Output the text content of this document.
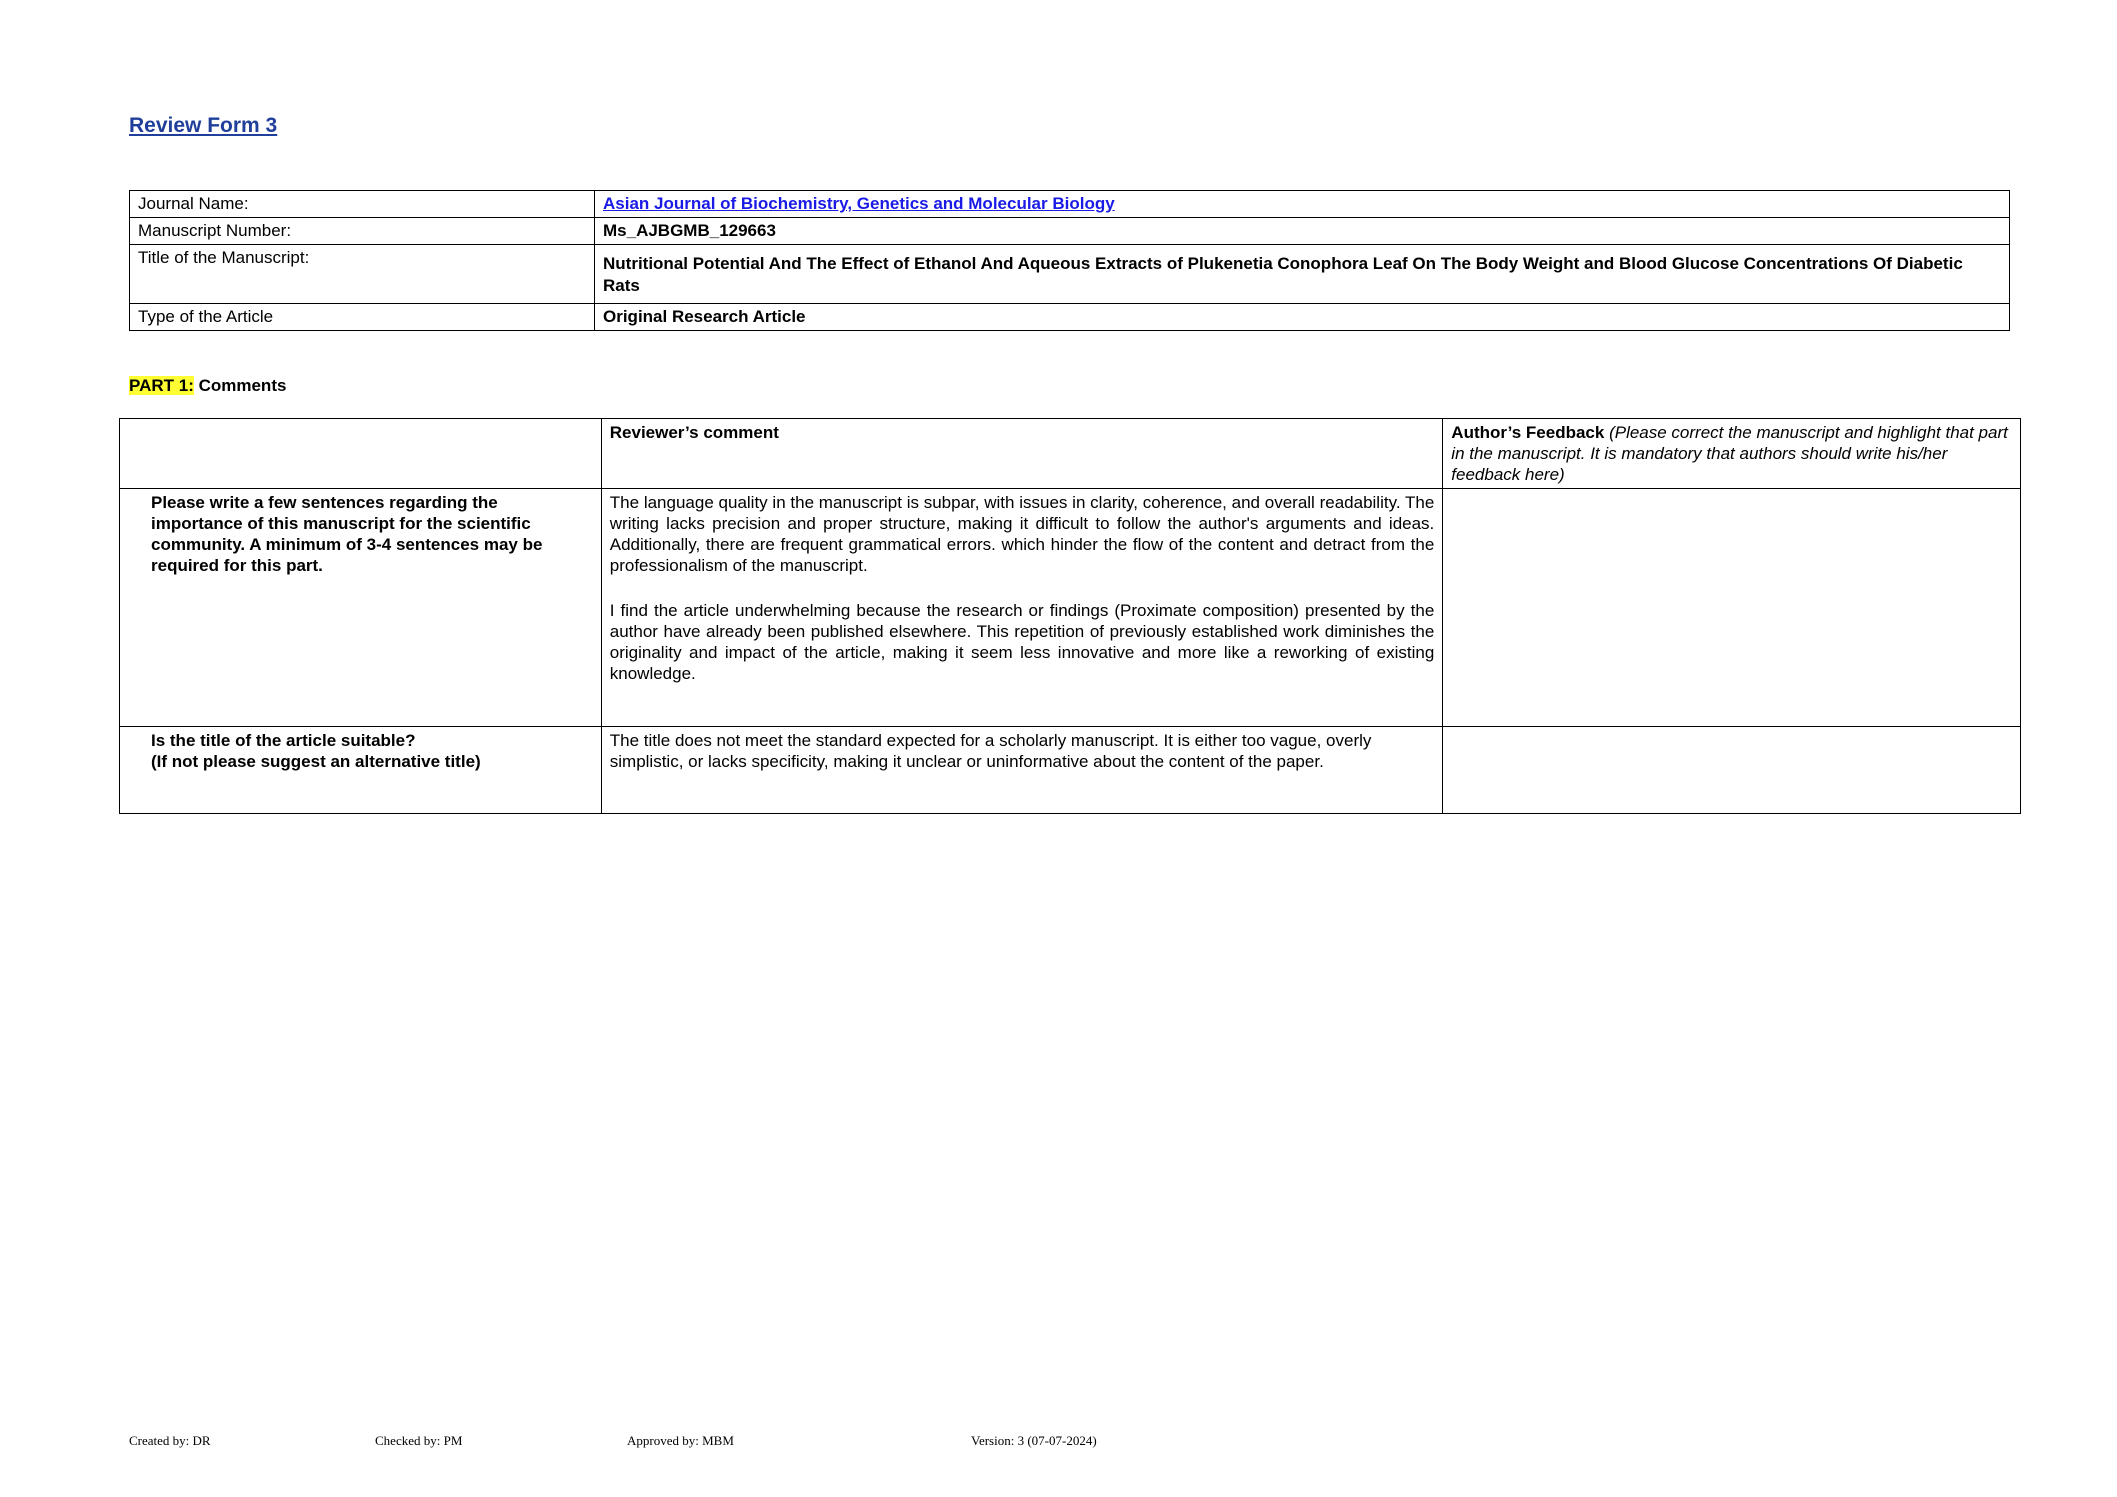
Review Form 3
Journal Name:	Asian Journal of Biochemistry, Genetics and Molecular Biology
Manuscript Number:	Ms_AJBGMB_129663
Title of the Manuscript:	Nutritional Potential And The Effect of Ethanol And Aqueous Extracts of Plukenetia Conophora Leaf On The Body Weight and Blood Glucose Concentrations Of Diabetic Rats
Type of the Article	Original Research Article
PART 1: Comments
	Reviewer’s comment	Author’s Feedback (Please correct the manuscript and highlight that part in the manuscript. It is mandatory that authors should write his/her feedback here)
Please write a few sentences regarding the importance of this manuscript for the scientific community. A minimum of 3-4 sentences may be required for this part.	The language quality in the manuscript is subpar, with issues in clarity, coherence, and overall readability. The writing lacks precision and proper structure, making it difficult to follow the author's arguments and ideas. Additionally, there are frequent grammatical errors. which hinder the flow of the content and detract from the professionalism of the manuscript.

I find the article underwhelming because the research or findings (Proximate composition) presented by the author have already been published elsewhere. This repetition of previously established work diminishes the originality and impact of the article, making it seem less innovative and more like a reworking of existing knowledge.	

Is the title of the article suitable?
(If not please suggest an alternative title)	The title does not meet the standard expected for a scholarly manuscript. It is either too vague, overly simplistic, or lacks specificity, making it unclear or uninformative about the content of the paper.	
Created by: DR	Checked by: PM	Approved by: MBM	Version: 3 (07-07-2024)
